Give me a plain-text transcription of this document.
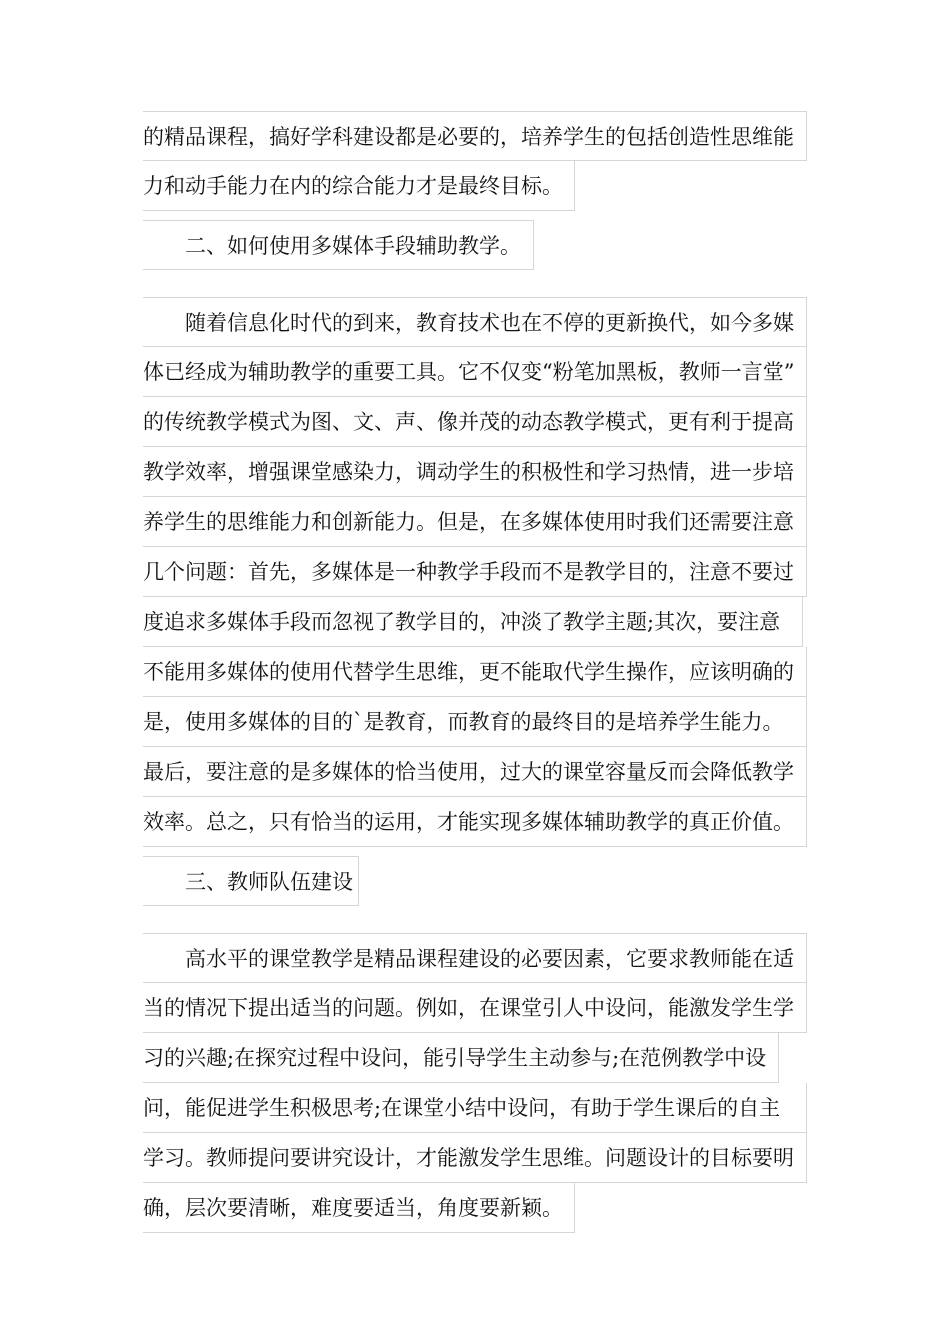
的精品课程，搞好学科建设都是必要的，培养学生的包括创造性思维能
力和动手能力在内的综合能力才是最终目标。
　　二、如何使用多媒体手段辅助教学。
　　随着信息化时代的到来，教育技术也在不停的更新换代，如今多媒
体已经成为辅助教学的重要工具。它不仅变“粉笔加黑板，教师一言堂”
的传统教学模式为图、文、声、像并茂的动态教学模式，更有利于提高
教学效率，增强课堂感染力，调动学生的积极性和学习热情，进一步培
养学生的思维能力和创新能力。但是，在多媒体使用时我们还需要注意
几个问题：首先，多媒体是一种教学手段而不是教学目的，注意不要过
度追求多媒体手段而忽视了教学目的，冲淡了教学主题;其次，要注意
不能用多媒体的使用代替学生思维，更不能取代学生操作，应该明确的
是，使用多媒体的目的`是教育，而教育的最终目的是培养学生能力。
最后，要注意的是多媒体的恰当使用，过大的课堂容量反而会降低教学
效率。总之，只有恰当的运用，才能实现多媒体辅助教学的真正价值。
　　三、教师队伍建设
　　高水平的课堂教学是精品课程建设的必要因素，它要求教师能在适
当的情况下提出适当的问题。例如，在课堂引人中设问，能激发学生学
习的兴趣;在探究过程中设问，能引导学生主动参与;在范例教学中设
问，能促进学生积极思考;在课堂小结中设问，有助于学生课后的自主
学习。教师提问要讲究设计，才能激发学生思维。问题设计的目标要明
确，层次要清晰，难度要适当，角度要新颖。
